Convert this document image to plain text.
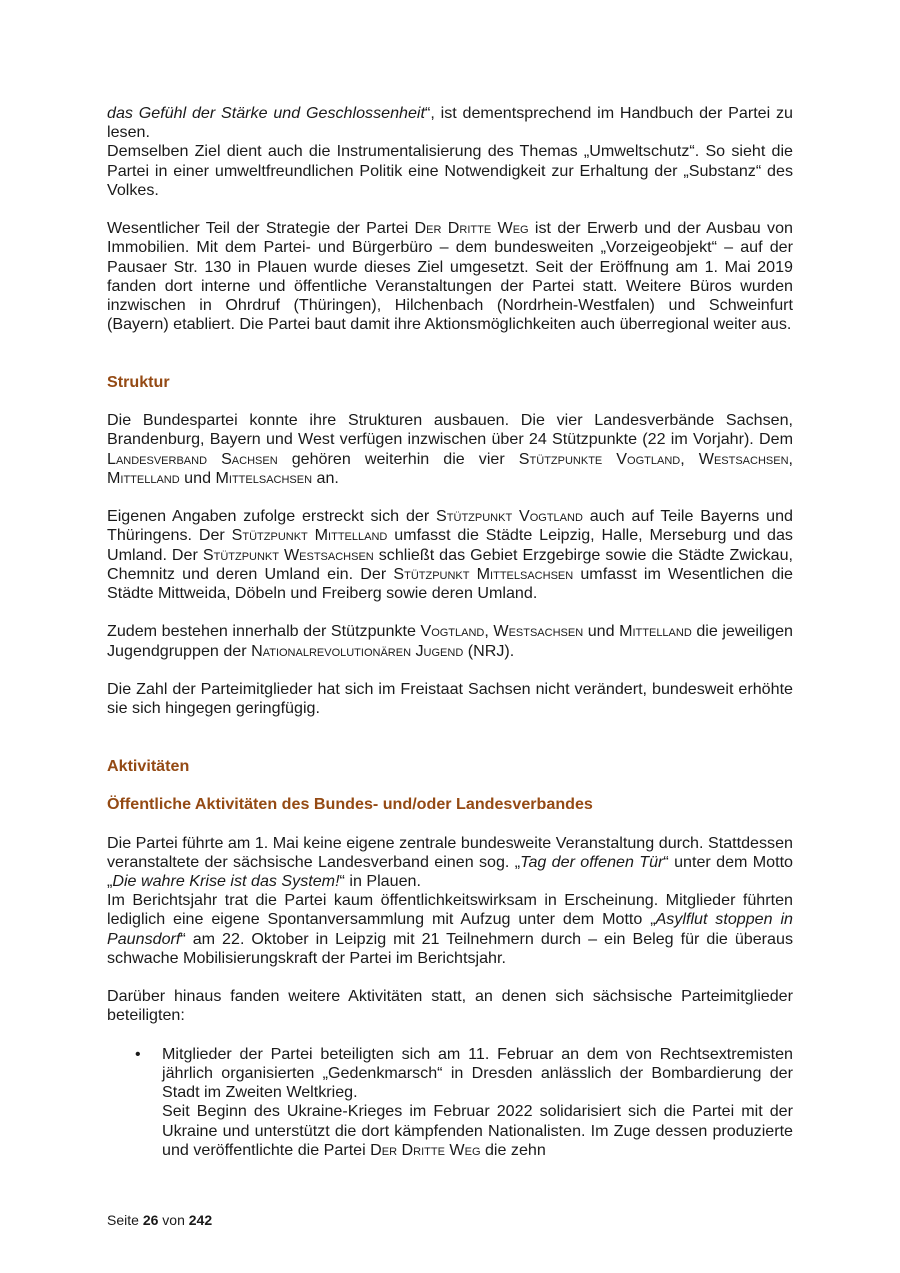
das Gefühl der Stärke und Geschlossenheit“, ist dementsprechend im Handbuch der Partei zu lesen.

Demselben Ziel dient auch die Instrumentalisierung des Themas „Umweltschutz“. So sieht die Partei in einer umweltfreundlichen Politik eine Notwendigkeit zur Erhaltung der „Substanz“ des Volkes.

Wesentlicher Teil der Strategie der Partei Der Dritte Weg ist der Erwerb und der Ausbau von Immobilien. Mit dem Partei- und Bürgerbüro – dem bundesweiten „Vorzeigeobjekt“ – auf der Pausaer Str. 130 in Plauen wurde dieses Ziel umgesetzt. Seit der Eröffnung am 1. Mai 2019 fanden dort interne und öffentliche Veranstaltungen der Partei statt. Weitere Büros wurden inzwischen in Ohrdruf (Thüringen), Hilchenbach (Nordrhein-Westfalen) und Schweinfurt (Bayern) etabliert. Die Partei baut damit ihre Aktionsmöglichkeiten auch überregional weiter aus.

Struktur

Die Bundespartei konnte ihre Strukturen ausbauen. Die vier Landesverbände Sachsen, Brandenburg, Bayern und West verfügen inzwischen über 24 Stützpunkte (22 im Vorjahr). Dem Landesverband Sachsen gehören weiterhin die vier Stützpunkte Vogtland, Westsachsen, Mittelland und Mittelsachsen an.

Eigenen Angaben zufolge erstreckt sich der Stützpunkt Vogtland auch auf Teile Bayerns und Thüringens. Der Stützpunkt Mittelland umfasst die Städte Leipzig, Halle, Merseburg und das Umland. Der Stützpunkt Westsachsen schließt das Gebiet Erzgebirge sowie die Städte Zwickau, Chemnitz und deren Umland ein. Der Stützpunkt Mittelsachsen umfasst im Wesentlichen die Städte Mittweida, Döbeln und Freiberg sowie deren Umland.

Zudem bestehen innerhalb der Stützpunkte Vogtland, Westsachsen und Mittelland die jeweiligen Jugendgruppen der Nationalrevolutionären Jugend (NRJ).

Die Zahl der Parteimitglieder hat sich im Freistaat Sachsen nicht verändert, bundesweit erhöhte sie sich hingegen geringfügig.

Aktivitäten
Öffentliche Aktivitäten des Bundes- und/oder Landesverbandes

Die Partei führte am 1. Mai keine eigene zentrale bundesweite Veranstaltung durch. Stattdessen veranstaltete der sächsische Landesverband einen sog. „Tag der offenen Tür“ unter dem Motto „Die wahre Krise ist das System!“ in Plauen.

Im Berichtsjahr trat die Partei kaum öffentlichkeitswirksam in Erscheinung. Mitglieder führten lediglich eine eigene Spontanversammlung mit Aufzug unter dem Motto „Asylflut stoppen in Paunsdorf“ am 22. Oktober in Leipzig mit 21 Teilnehmern durch – ein Beleg für die überaus schwache Mobilisierungskraft der Partei im Berichtsjahr.

Darüber hinaus fanden weitere Aktivitäten statt, an denen sich sächsische Parteimitglieder beteiligten:

• Mitglieder der Partei beteiligten sich am 11. Februar an dem von Rechtsextremisten jährlich organisierten „Gedenkmarsch“ in Dresden anlässlich der Bombardierung der Stadt im Zweiten Weltkrieg.

Seit Beginn des Ukraine-Krieges im Februar 2022 solidarisiert sich die Partei mit der Ukraine und unterstützt die dort kämpfenden Nationalisten. Im Zuge dessen produzierte und veröffentlichte die Partei Der Dritte Weg die zehn

Seite 26 von 242
